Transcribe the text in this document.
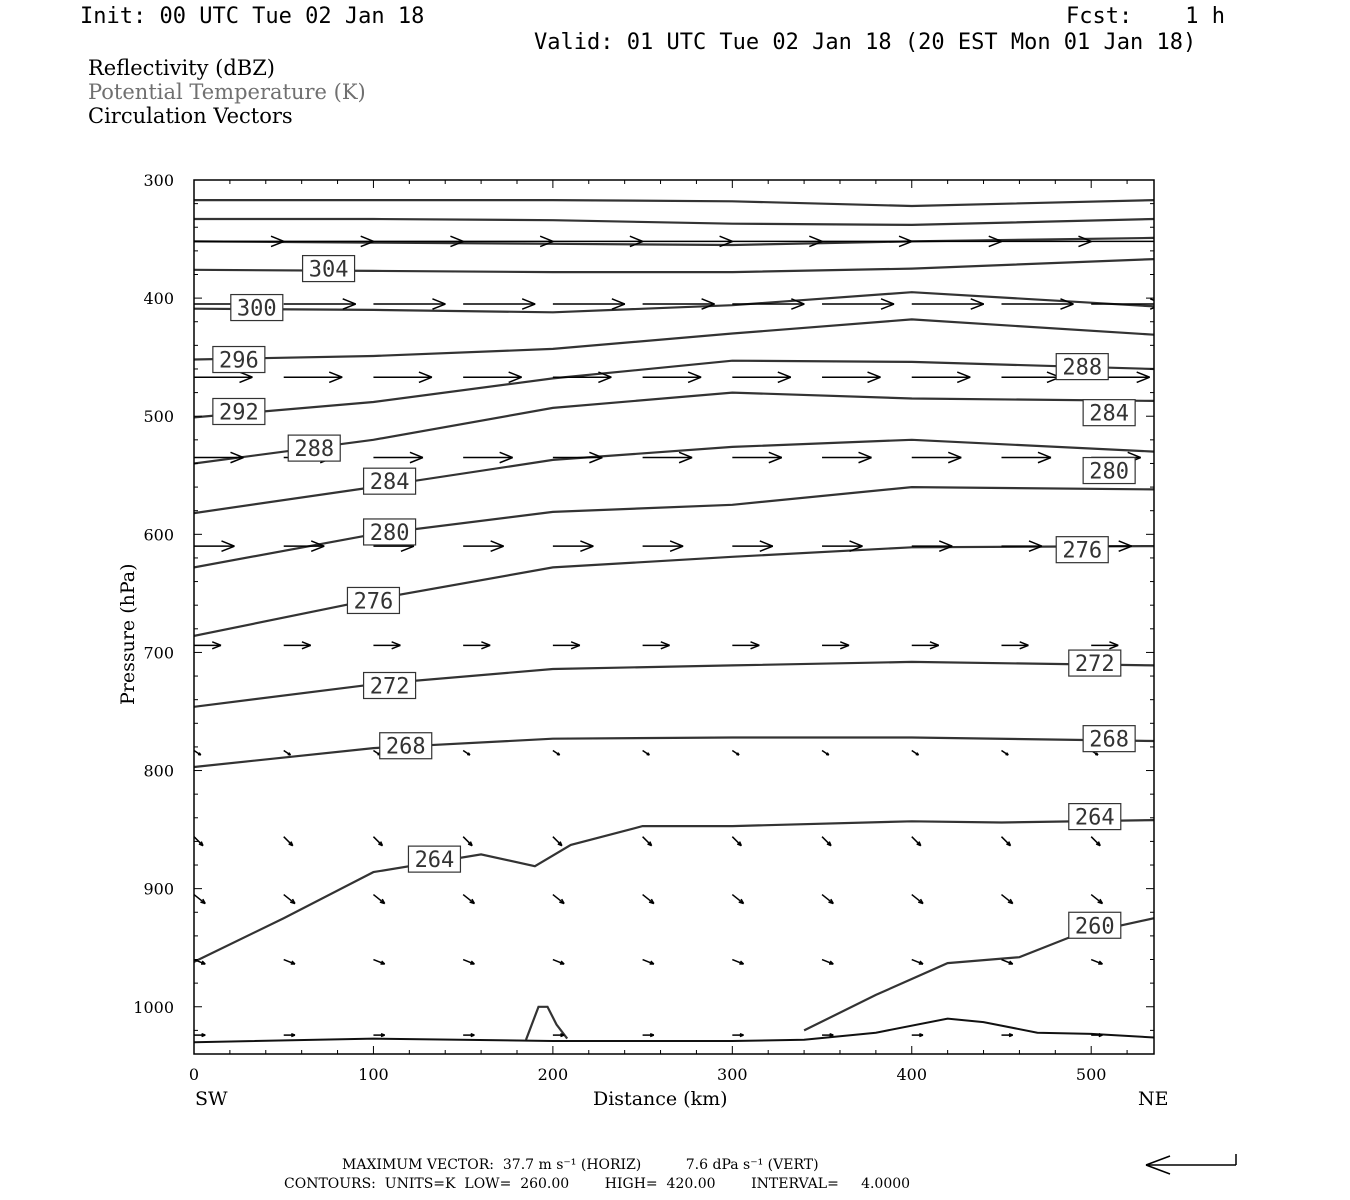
Init: 00 UTC Tue 02 Jan 18	Fcst:    1 h
Valid: 01 UTC Tue 02 Jan 18 (20 EST Mon 01 Jan 18)
Reflectivity (dBZ)
Potential Temperature (K)
Circulation Vectors
304
300
296
292
288
284
280
276
272
268
264
288
284
280
276
272
268
264
260
300
400
500
600
700
800
900
1000
0	100	200	300	400	500
Distance (km)
Pressure (hPa)
SW	NE
MAXIMUM VECTOR:  37.7 m s⁻¹ (HORIZ)          7.6 dPa s⁻¹ (VERT)
CONTOURS:  UNITS=K  LOW=  260.00        HIGH=  420.00        INTERVAL=     4.0000
